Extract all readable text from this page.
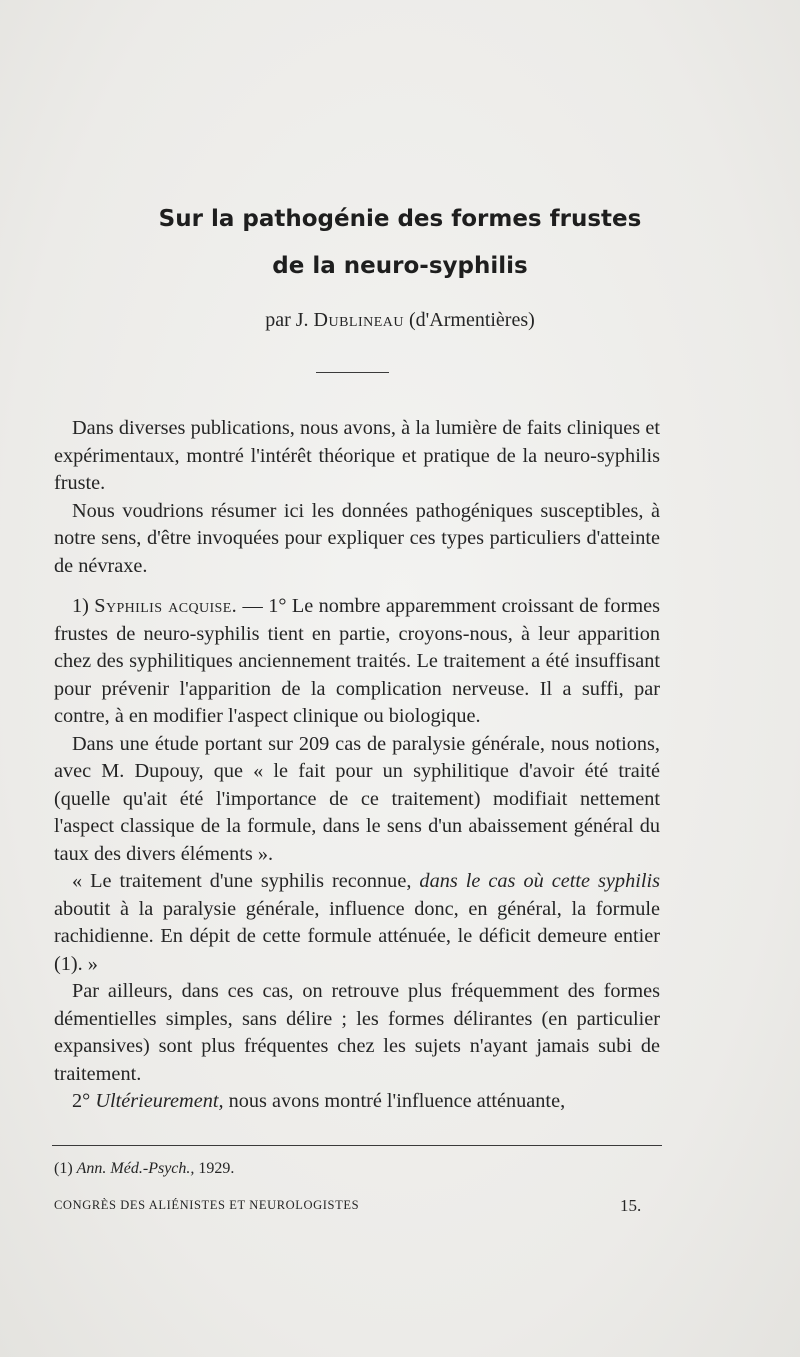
Sur la pathogénie des formes frustes
de la neuro-syphilis
par J. Dublineau (d'Armentières)

Dans diverses publications, nous avons, à la lumière de faits cliniques et expérimentaux, montré l'intérêt théorique et pratique de la neuro-syphilis fruste.

Nous voudrions résumer ici les données pathogéniques susceptibles, à notre sens, d'être invoquées pour expliquer ces types particuliers d'atteinte de névraxe.

1) Syphilis acquise. — 1° Le nombre apparemment croissant de formes frustes de neuro-syphilis tient en partie, croyons-nous, à leur apparition chez des syphilitiques anciennement traités. Le traitement a été insuffisant pour prévenir l'apparition de la complication nerveuse. Il a suffi, par contre, à en modifier l'aspect clinique ou biologique.

Dans une étude portant sur 209 cas de paralysie générale, nous notions, avec M. Dupouy, que « le fait pour un syphilitique d'avoir été traité (quelle qu'ait été l'importance de ce traitement) modifiait nettement l'aspect classique de la formule, dans le sens d'un abaissement général du taux des divers éléments ».

« Le traitement d'une syphilis reconnue, dans le cas où cette syphilis aboutit à la paralysie générale, influence donc, en général, la formule rachidienne. En dépit de cette formule atténuée, le déficit demeure entier (1). »

Par ailleurs, dans ces cas, on retrouve plus fréquemment des formes démentielles simples, sans délire ; les formes délirantes (en particulier expansives) sont plus fréquentes chez les sujets n'ayant jamais subi de traitement.

2° Ultérieurement, nous avons montré l'influence atténuante,

(1) Ann. Méd.-Psych., 1929.
CONGRÈS DES ALIÉNISTES ET NEUROLOGISTES	15.
